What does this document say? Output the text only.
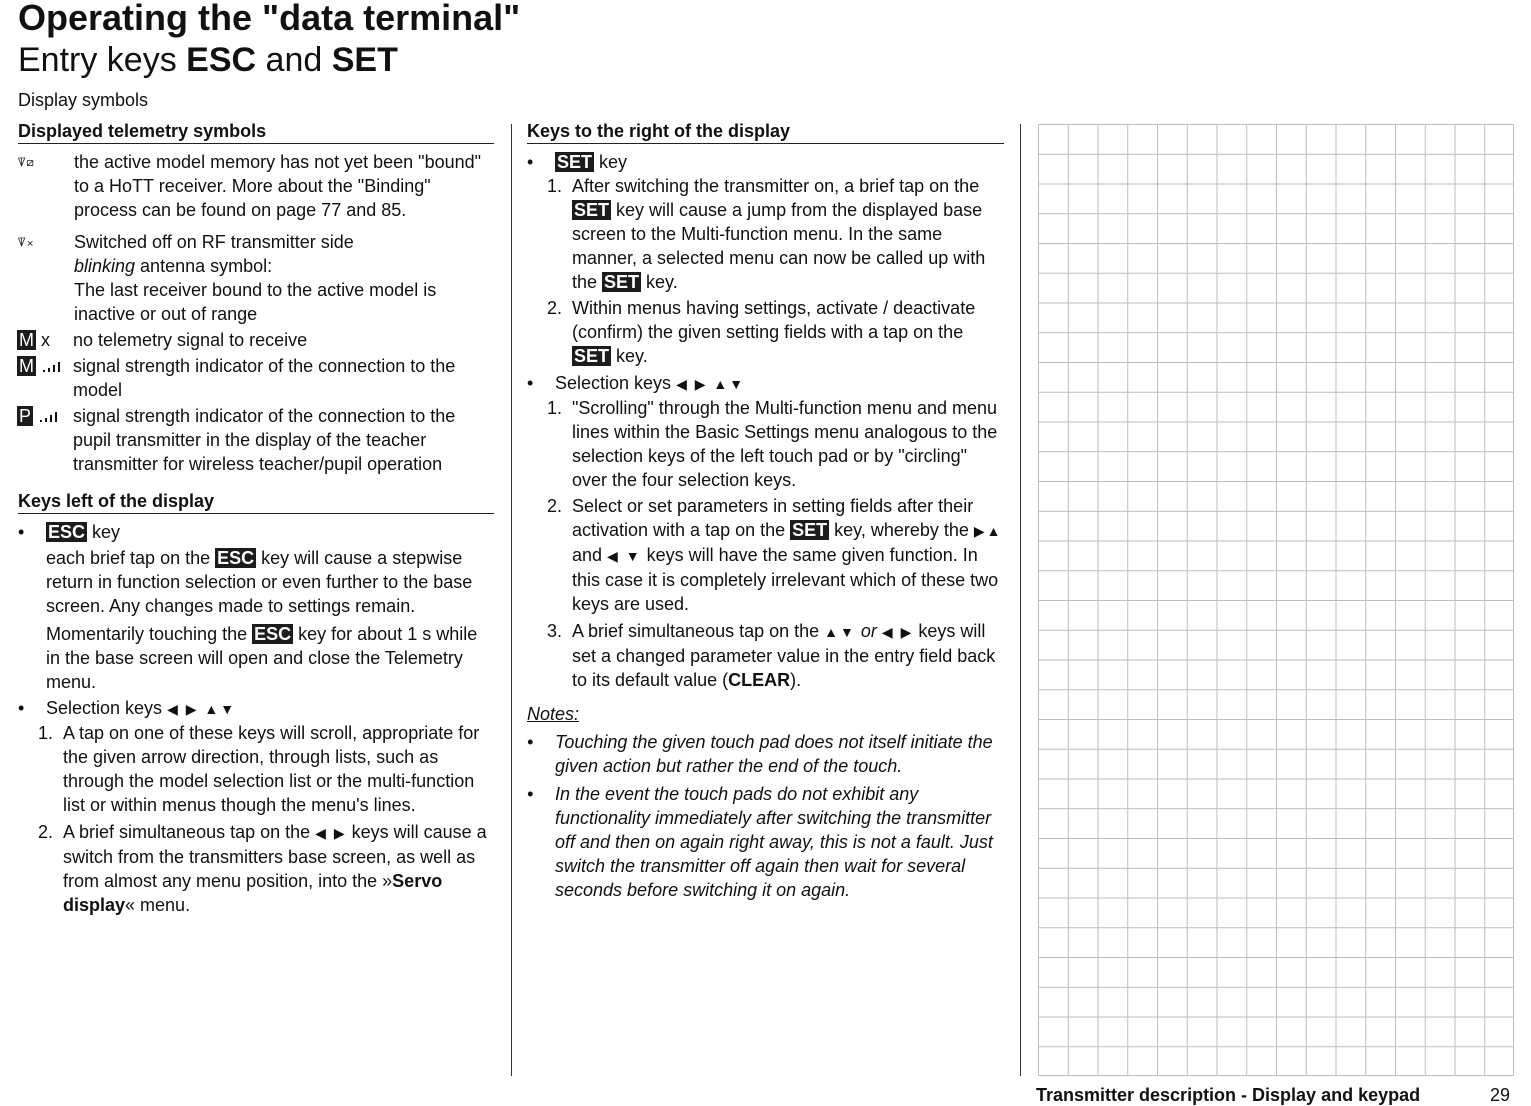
Operating the "data terminal"
Entry keys ESC and SET
Display symbols
Displayed telemetry symbols
the active model memory has not yet been "bound" to a HoTT receiver. More about the "Binding" process can be found on page 77 and 85.
Switched off on RF transmitter side
blinking antenna symbol:
The last receiver bound to the active model is inactive or out of range
M x	no telemetry signal to receive
M	signal strength indicator of the connection to the model
P	signal strength indicator of the connection to the pupil transmitter in the display of the teacher transmitter for wireless teacher/pupil operation
Keys left of the display
•	ESC key
each brief tap on the ESC key will cause a stepwise return in function selection or even further to the base screen. Any changes made to settings remain.
Momentarily touching the ESC key for about 1 s while in the base screen will open and close the Telemetry menu.
•	Selection keys ◀ ▶ ▲▼
1. A tap on one of these keys will scroll, appropriate for the given arrow direction, through lists, such as through the model selection list or the multi-function list or within menus though the menu's lines.
2. A brief simultaneous tap on the ◀ ▶ keys will cause a switch from the transmitters base screen, as well as from almost any menu position, into the »Servo display« menu.
Keys to the right of the display
•	SET key
1. After switching the transmitter on, a brief tap on the SET key will cause a jump from the displayed base screen to the Multi-function menu. In the same manner, a selected menu can now be called up with the SET key.
2. Within menus having settings, activate / deactivate (confirm) the given setting fields with a tap on the SET key.
•	Selection keys ◀ ▶ ▲▼
1. "Scrolling" through the Multi-function menu and menu lines within the Basic Settings menu analogous to the selection keys of the left touch pad or by "circling" over the four selection keys.
2. Select or set parameters in setting fields after their activation with a tap on the SET key, whereby the ▶▲ and ◀ ▼ keys will have the same given function. In this case it is completely irrelevant which of these two keys are used.
3. A brief simultaneous tap on the ▲▼ or ◀ ▶ keys will set a changed parameter value in the entry field back to its default value (CLEAR).
Notes:
•	Touching the given touch pad does not itself initiate the given action but rather the end of the touch.
•	In the event the touch pads do not exhibit any functionality immediately after switching the transmitter off and then on again right away, this is not a fault. Just switch the transmitter off again then wait for several seconds before switching it on again.
Transmitter description - Display and keypad	29
